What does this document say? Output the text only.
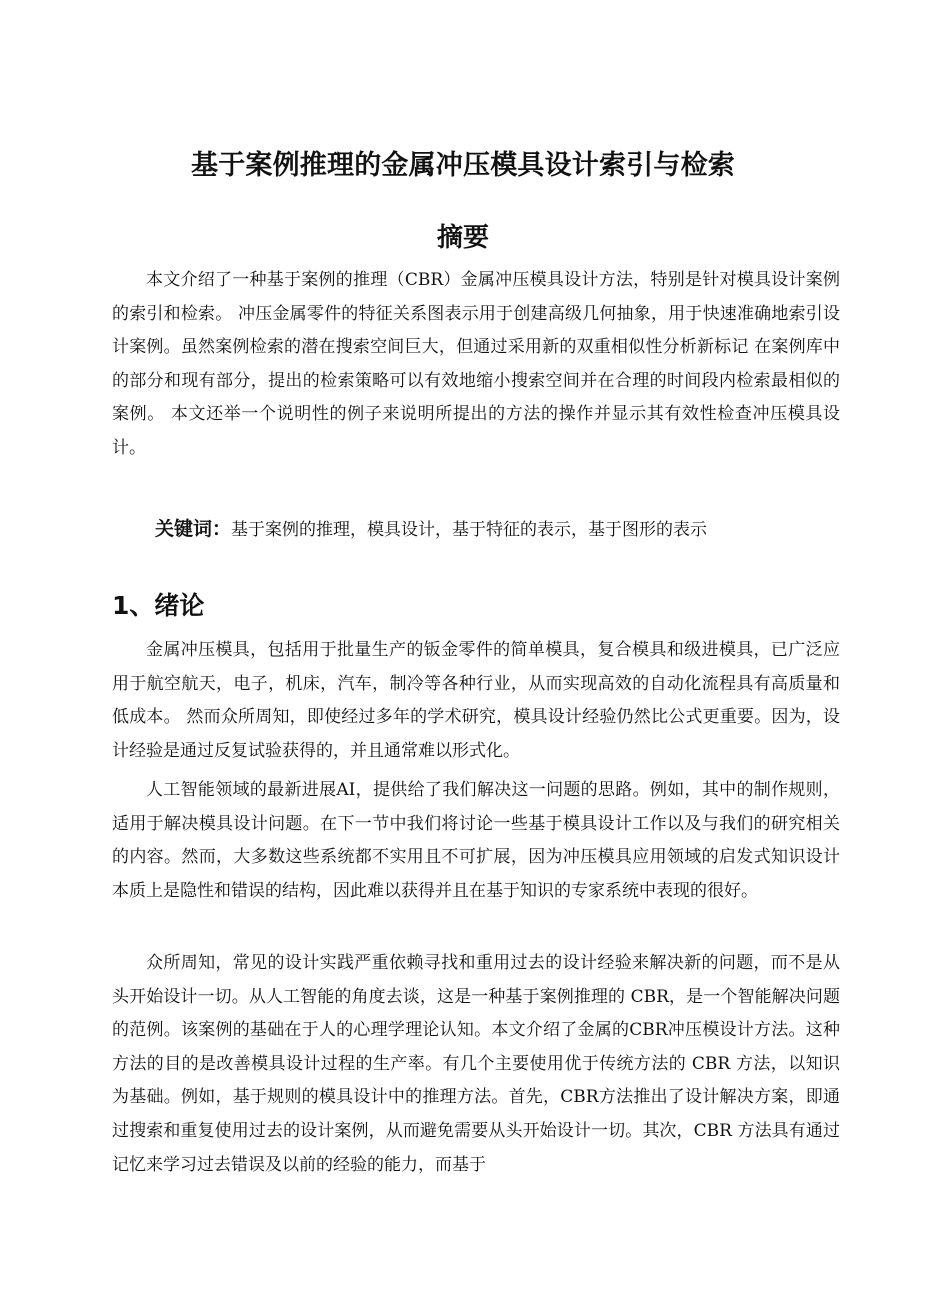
基于案例推理的金属冲压模具设计索引与检索
摘要

本文介绍了一种基于案例的推理（CBR）金属冲压模具设计方法，特别是针对模具设计案例的索引和检索。 冲压金属零件的特征关系图表示用于创建高级几何抽象，用于快速准确地索引设计案例。虽然案例检索的潜在搜索空间巨大，但通过采用新的双重相似性分析新标记 在案例库中的部分和现有部分，提出的检索策略可以有效地缩小搜索空间并在合理的时间段内检索最相似的案例。 本文还举一个说明性的例子来说明所提出的方法的操作并显示其有效性检查冲压模具设计。

关键词：基于案例的推理，模具设计，基于特征的表示，基于图形的表示
1、绪论

金属冲压模具，包括用于批量生产的钣金零件的简单模具，复合模具和级进模具，已广泛应用于航空航天，电子，机床，汽车，制冷等各种行业，从而实现高效的自动化流程具有高质量和低成本。 然而众所周知，即使经过多年的学术研究，模具设计经验仍然比公式更重要。因为，设计经验是通过反复试验获得的，并且通常难以形式化。

人工智能领域的最新进展AI，提供给了我们解决这一问题的思路。例如，其中的制作规则，适用于解决模具设计问题。在下一节中我们将讨论一些基于模具设计工作以及与我们的研究相关的内容。然而，大多数这些系统都不实用且不可扩展，因为冲压模具应用领域的启发式知识设计本质上是隐性和错误的结构，因此难以获得并且在基于知识的专家系统中表现的很好。

众所周知，常见的设计实践严重依赖寻找和重用过去的设计经验来解决新的问题，而不是从头开始设计一切。从人工智能的角度去谈，这是一种基于案例推理的 CBR，是一个智能解决问题的范例。该案例的基础在于人的心理学理论认知。本文介绍了金属的CBR冲压模设计方法。这种方法的目的是改善模具设计过程的生产率。有几个主要使用优于传统方法的 CBR 方法，以知识为基础。例如，基于规则的模具设计中的推理方法。首先，CBR方法推出了设计解决方案，即通过搜索和重复使用过去的设计案例，从而避免需要从头开始设计一切。其次，CBR 方法具有通过记忆来学习过去错误及以前的经验的能力，而基于
